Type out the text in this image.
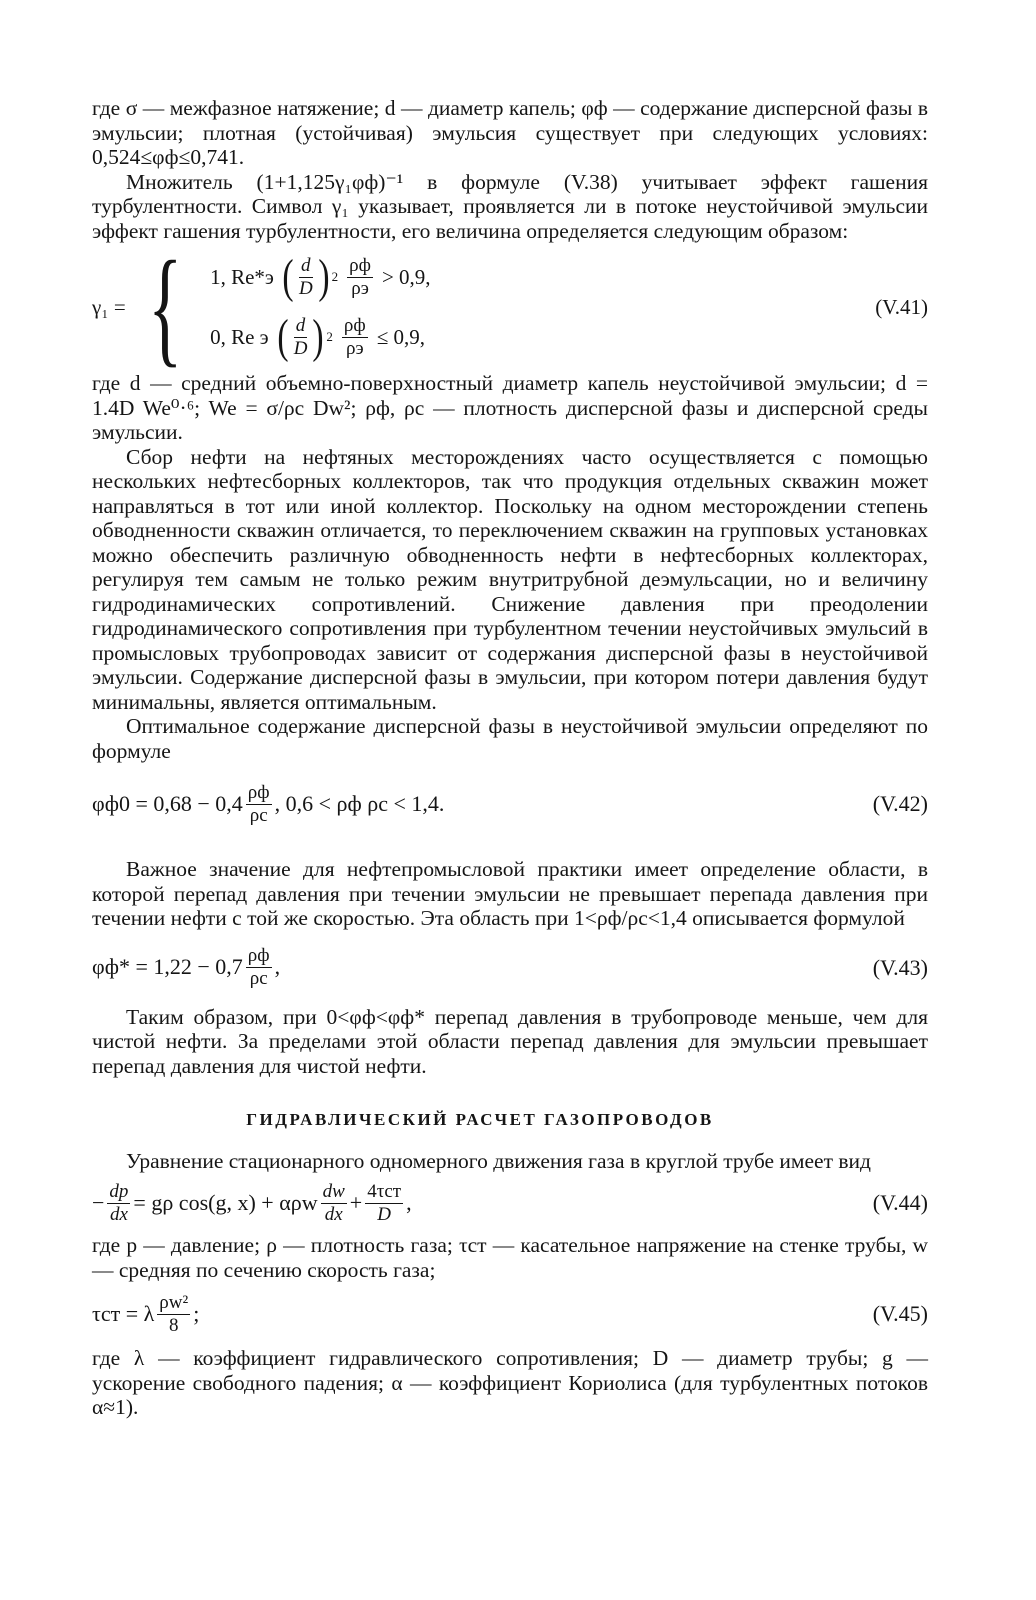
где σ — межфазное натяжение; d — диаметр капель; φф — содержание дисперсной фазы в эмульсии; плотная (устойчивая) эмульсия существует при следующих условиях: 0,524≤φф≤0,741.

Множитель (1+1,125γ₁φф)⁻¹ в формуле (V.38) учитывает эффект гашения турбулентности. Символ γ₁ указывает, проявляется ли в потоке неустойчивой эмульсии эффект гашения турбулентности, его величина определяется следующим образом:

γ₁ = { 1, Re*э ( $\frac{d}{D}$ ) $2 \frac{\rho ф}{\rho э} > 0,9$,
0, Re э ( $\frac{d}{D}$ ) $2 \frac{\rho ф}{\rho э} \le 0,9$,
(V.41)

где d — средний объемно-поверхностный диаметр капель неустойчивой эмульсии; d = 1.4D We⁰·⁶; We = σ/ρc Dw²; ρф, ρc — плотность дисперсной фазы и дисперсной среды эмульсии.

Сбор нефти на нефтяных месторождениях часто осуществляется с помощью нескольких нефтесборных коллекторов, так что продукция отдельных скважин может направляться в тот или иной коллектор. Поскольку на одном месторождении степень обводненности скважин отличается, то переключением скважин на групповых установках можно обеспечить различную обводненность нефти в нефтесборных коллекторах, регулируя тем самым не только режим внутритрубной деэмульсации, но и величину гидродинамических сопротивлений. Снижение давления при преодолении гидродинамического сопротивления при турбулентном течении неустойчивых эмульсий в промысловых трубопроводах зависит от содержания дисперсной фазы в неустойчивой эмульсии. Содержание дисперсной фазы в эмульсии, при котором потери давления будут минимальны, является оптимальным.

Оптимальное содержание дисперсной фазы в неустойчивой эмульсии определяют по формуле

$\varphi ф0 = 0,68 - 0,4 \frac{\rho ф}{\rho c}$ , 0,6 < ρф ρc < 1,4.	(V.42)

Важное значение для нефтепромысловой практики имеет определение области, в которой перепад давления при течении эмульсии не превышает перепада давления при течении нефти с той же скоростью. Эта область при 1<ρф/ρc<1,4 описывается формулой

$\varphi ф* = 1,22 - 0,7 \frac{\rho ф}{\rho c}$ ,	(V.43)

Таким образом, при 0<φф<φф* перепад давления в трубопроводе меньше, чем для чистой нефти. За пределами этой области перепад давления для эмульсии превышает перепад давления для чистой нефти.

ГИДРАВЛИЧЕСКИЙ РАСЧЕТ ГАЗОПРОВОДОВ

Уравнение стационарного одномерного движения газа в круглой трубе имеет вид

− $\frac{dp}{dx} = g\rho$ cos(g, x) + αρw $\frac{dw}{dx} + \frac{\text{4τст}}{D}$ ,	(V.44)

где p — давление; ρ — плотность газа; τст — касательное напряжение на стенке трубы, w — средняя по сечению скорость газа;

τст = λ $\frac{\text{ρw²}}{8}$ ;	(V.45)

где λ — коэффициент гидравлического сопротивления; D — диаметр трубы; g — ускорение свободного падения; α — коэффициент Кориолиса (для турбулентных потоков α≈1).
